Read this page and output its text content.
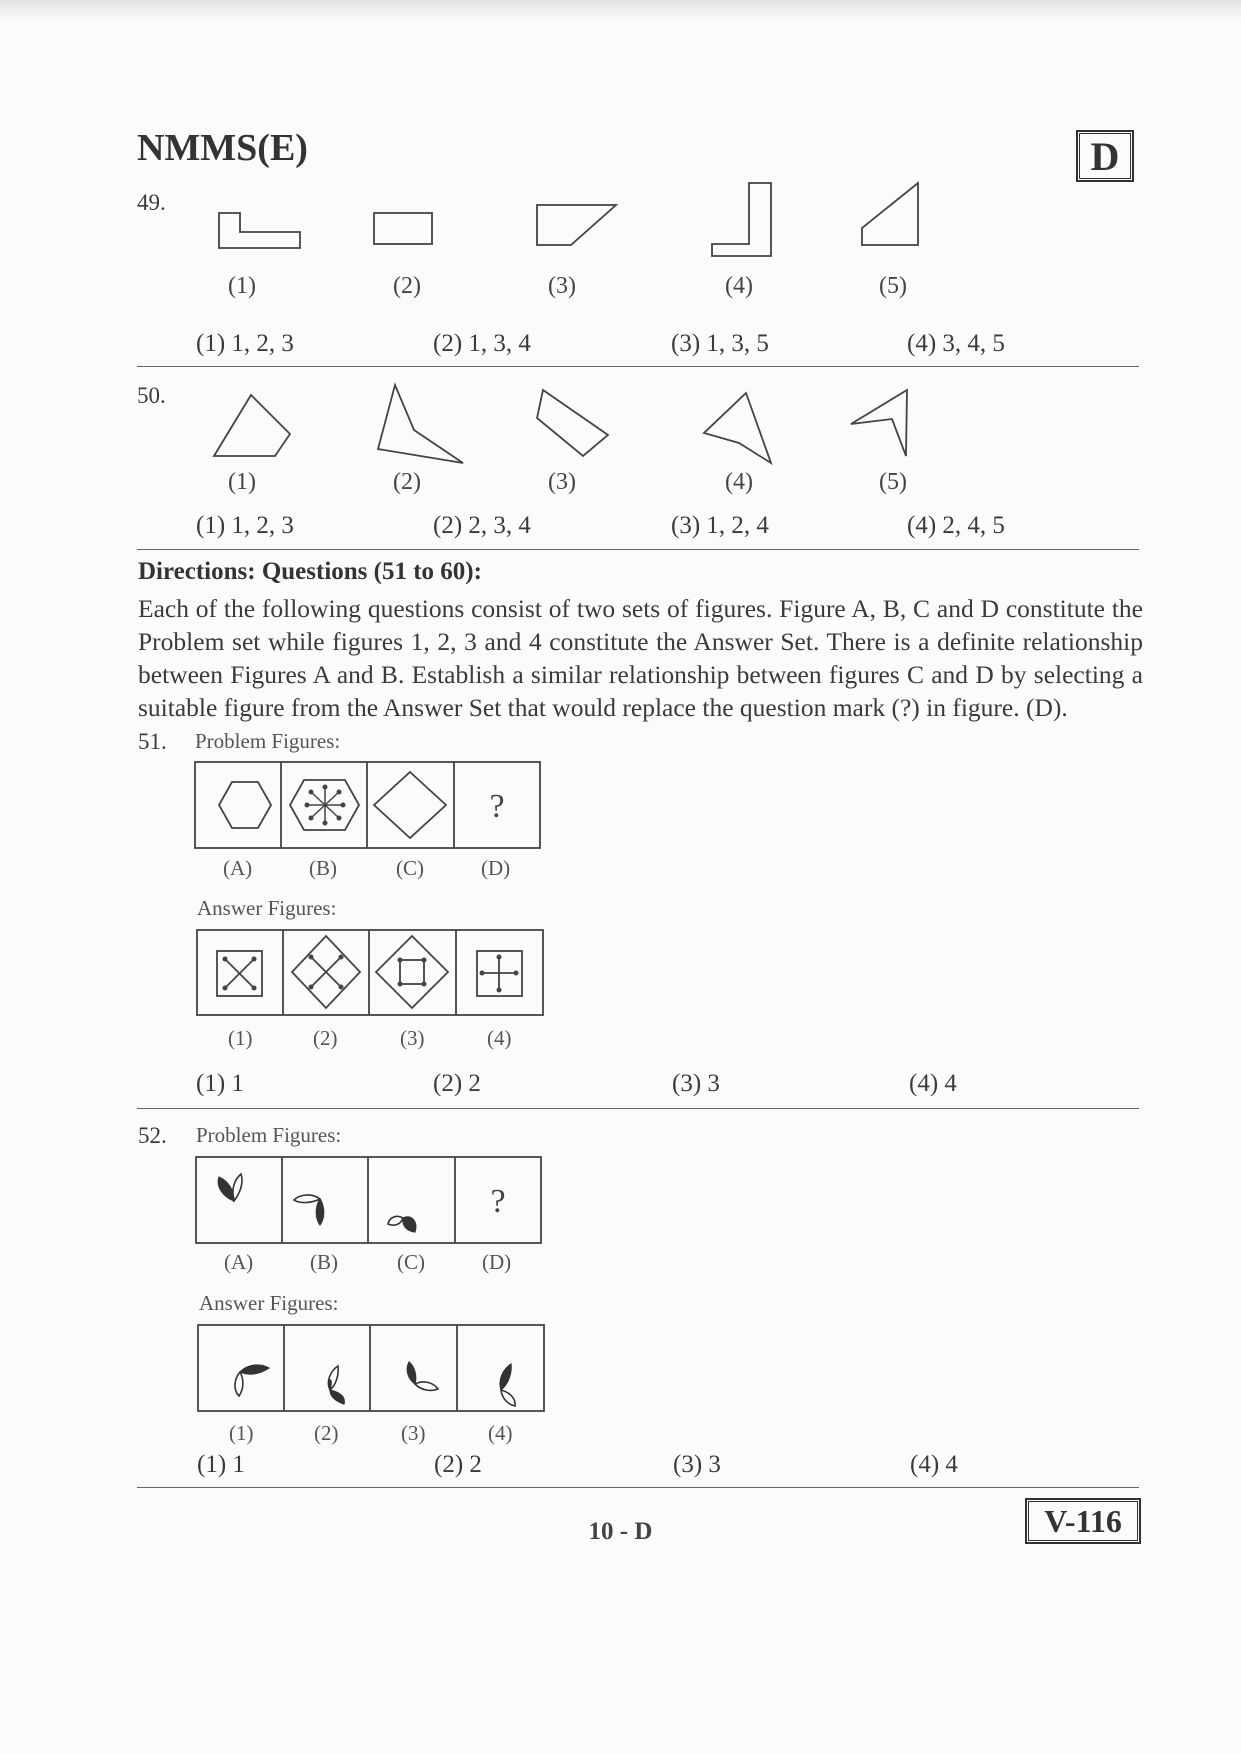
NMMS(E)	D
49.
(1)	(2)	(3)	(4)	(5)
(1) 1, 2, 3	(2) 1, 3, 4	(3) 1, 3, 5	(4) 3, 4, 5
50.
(1)	(2)	(3)	(4)	(5)
(1) 1, 2, 3	(2) 2, 3, 4	(3) 1, 2, 4	(4) 2, 4, 5
Directions: Questions (51 to 60):
Each of the following questions consist of two sets of figures. Figure A, B, C and D constitute the Problem set while figures 1, 2, 3 and 4 constitute the Answer Set. There is a definite relationship between Figures A and B. Establish a similar relationship between figures C and D by selecting a suitable figure from the Answer Set that would replace the question mark (?) in figure. (D).
51. Problem Figures:
?
(A)	(B)	(C)	(D)
Answer Figures:
(1)	(2)	(3)	(4)
(1) 1	(2) 2	(3) 3	(4) 4
52. Problem Figures:
?
(A)	(B)	(C)	(D)
Answer Figures:
(1)	(2)	(3)	(4)
(1) 1	(2) 2	(3) 3	(4) 4
10 - D	V-116
